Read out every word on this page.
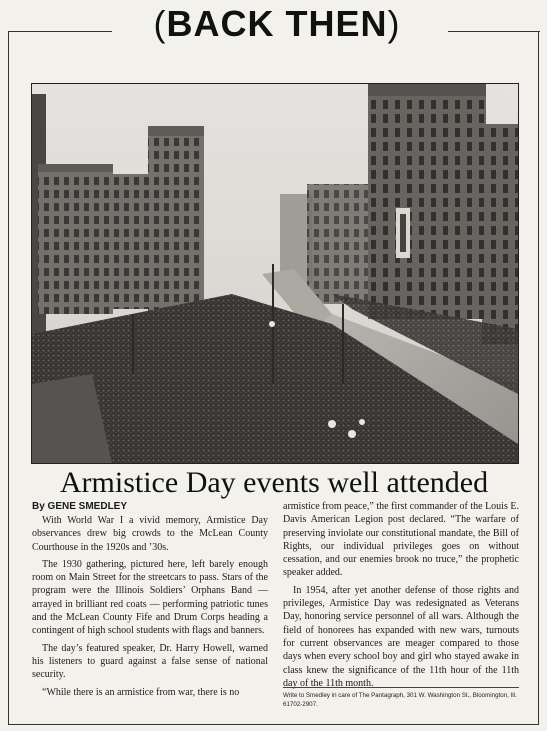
(BACK THEN)
Armistice Day events well attended
By GENE SMEDLEY

With World War I a vivid memory, Armistice Day observances drew big crowds to the McLean County Courthouse in the 1920s and ’30s.

The 1930 gathering, pictured here, left barely enough room on Main Street for the streetcars to pass. Stars of the program were the Illinois Soldiers’ Orphans Band — arrayed in brilliant red coats — performing patriotic tunes and the McLean County Fife and Drum Corps heading a contingent of high school students with flags and banners.

The day’s featured speaker, Dr. Harry Howell, warned his listeners to guard against a false sense of national security.

“While there is an armistice from war, there is no

armistice from peace,” the first commander of the Louis E. Davis American Legion post declared. “The warfare of preserving inviolate our constitutional mandate, the Bill of Rights, our individual privileges goes on without cessation, and our enemies brook no truce,” the prophetic speaker added.

In 1954, after yet another defense of those rights and privileges, Armistice Day was redesignated as Veterans Day, honoring service personnel of all wars. Although the field of honorees has expanded with new wars, turnouts for current observances are meager compared to those days when every school boy and girl who stayed awake in class knew the significance of the 11th hour of the 11th day of the 11th month.

Write to Smedley in care of The Pantagraph, 301 W. Washington St., Bloomington, Ill. 61702-2907.
